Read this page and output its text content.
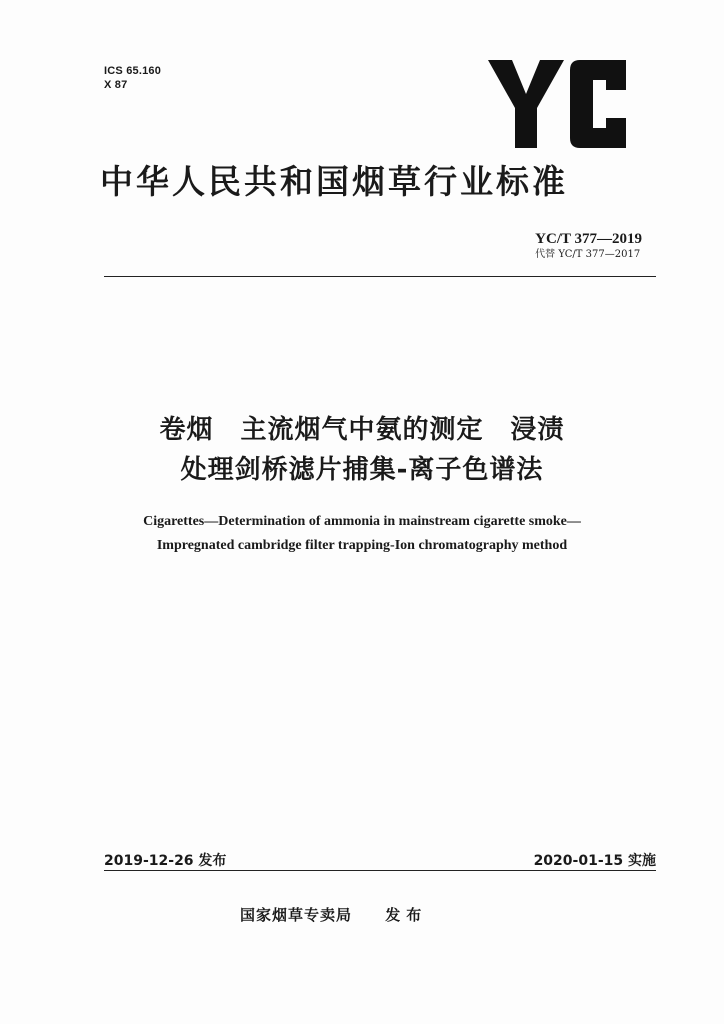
ICS 65.160
X 87
中华人民共和国烟草行业标准
YC/T 377—2019
代替 YC/T 377—2017
卷烟　主流烟气中氨的测定　浸渍
处理剑桥滤片捕集-离子色谱法
Cigarettes—Determination of ammonia in mainstream cigarette smoke—
Impregnated cambridge filter trapping-Ion chromatography method
2019-12-26 发布	2020-01-15 实施
国家烟草专卖局 发布
